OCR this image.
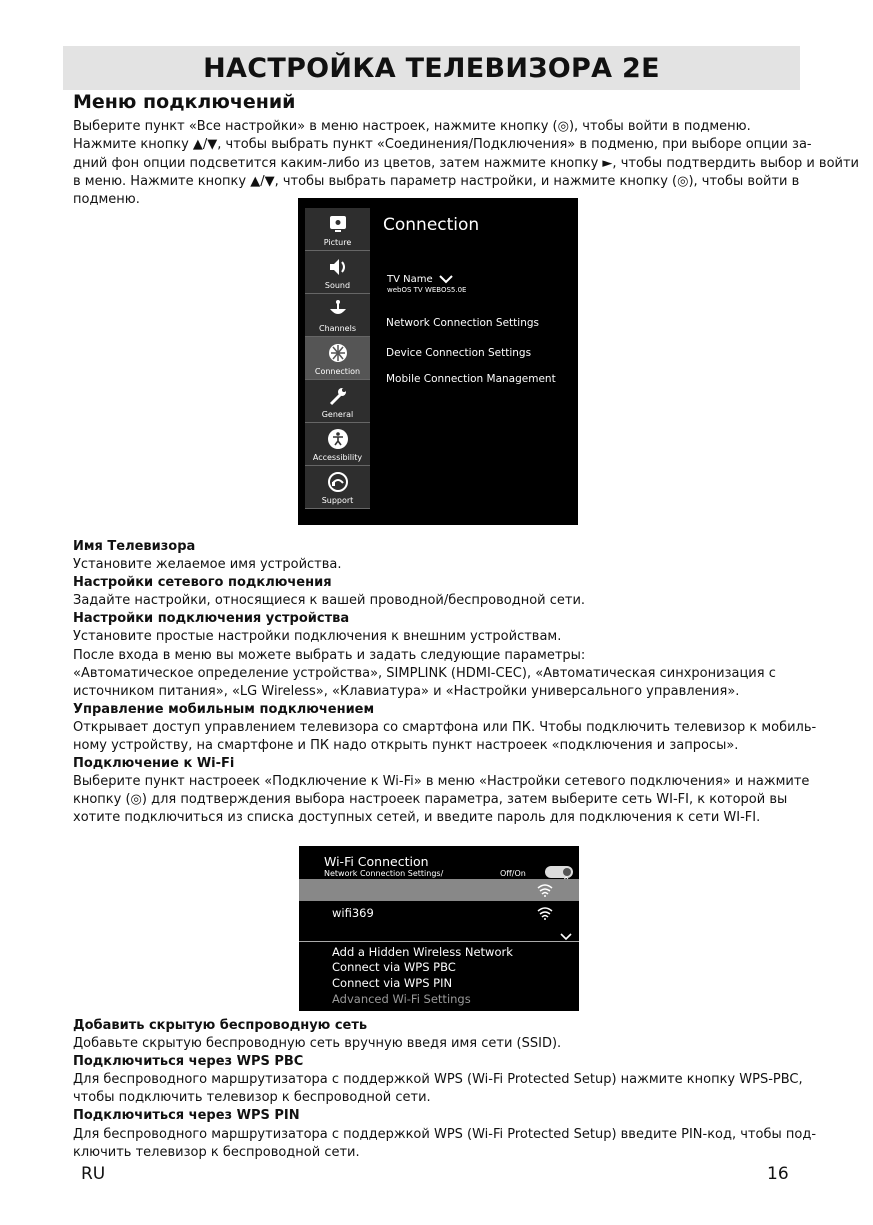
НАСТРОЙКА ТЕЛЕВИЗОРА 2Е
Меню подключений
Выберите пункт «Все настройки» в меню настроек, нажмите кнопку (◎), чтобы войти в подменю.
Нажмите кнопку ▲/▼, чтобы выбрать пункт «Соединения/Подключения» в подменю, при выборе опции за-
дний фон опции подсветится каким-либо из цветов, затем нажмите кнопку ►, чтобы подтвердить выбор и войти
в меню. Нажмите кнопку ▲/▼, чтобы выбрать параметр настройки, и нажмите кнопку (◎), чтобы войти в
подменю.
Picture
Sound
Channels
Connection
General
Accessibility
Support
Connection
TV Name
webOS TV WEBOS5.0E
Network Connection Settings
Device Connection Settings
Mobile Connection Management
Имя Телевизора
Установите желаемое имя устройства.
Настройки сетевого подключения
Задайте настройки, относящиеся к вашей проводной/беспроводной сети.
Настройки подключения устройства
Установите простые настройки подключения к внешним устройствам.
После входа в меню вы можете выбрать и задать следующие параметры:
«Автоматическое определение устройства», SIMPLINK (HDMI-CEC), «Автоматическая синхронизация с
источником питания», «LG Wireless», «Клавиатура» и «Настройки универсального управления».
Управление мобильным подключением
Открывает доступ управлением телевизора со смартфона или ПК. Чтобы подключить телевизор к мобиль-
ному устройству, на смартфоне и ПК надо открыть пункт настроеек «подключения и запросы».
Подключение к Wi-Fi
Выберите пункт настроеек «Подключение к Wi-Fi» в меню «Настройки сетевого подключения» и нажмите
кнопку (◎) для подтверждения выбора настроеек параметра, затем выберите сеть WI-FI, к которой вы
хотите подключиться из списка доступных сетей, и введите пароль для подключения к сети WI-FI.
Wi-Fi Connection
Network Connection Settings/	Off/On
⌃
wifi369
Add a Hidden Wireless Network
Connect via WPS PBC
Connect via WPS PIN
Advanced Wi-Fi Settings
Добавить скрытую беспроводную сеть
Добавьте скрытую беспроводную сеть вручную введя имя сети (SSID).
Подключиться через WPS PBC
Для беспроводного маршрутизатора с поддержкой WPS (Wi-Fi Protected Setup) нажмите кнопку WPS-PBC,
чтобы подключить телевизор к беспроводной сети.
Подключиться через WPS PIN
Для беспроводного маршрутизатора с поддержкой WPS (Wi-Fi Protected Setup) введите PIN-код, чтобы под-
ключить телевизор к беспроводной сети.
RU	16
